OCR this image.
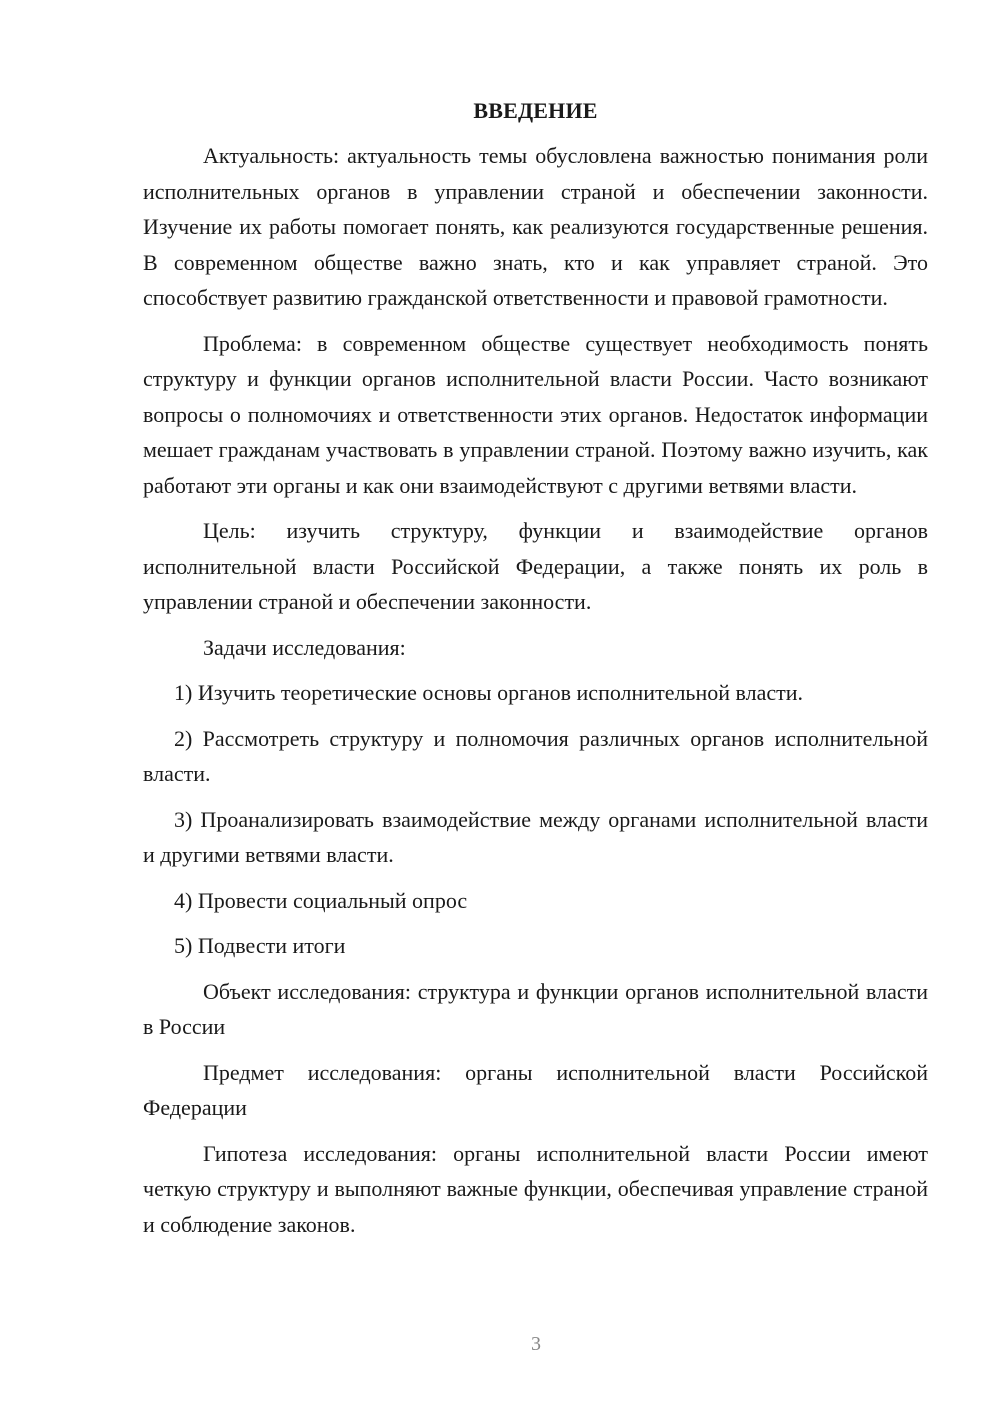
ВВЕДЕНИЕ

Актуальность: актуальность темы обусловлена важностью понимания роли исполнительных органов в управлении страной и обеспечении законности. Изучение их работы помогает понять, как реализуются государственные решения. В современном обществе важно знать, кто и как управляет страной. Это способствует развитию гражданской ответственности и правовой грамотности.

Проблема: в современном обществе существует необходимость понять структуру и функции органов исполнительной власти России. Часто возникают вопросы о полномочиях и ответственности этих органов. Недостаток информации мешает гражданам участвовать в управлении страной. Поэтому важно изучить, как работают эти органы и как они взаимодействуют с другими ветвями власти.

Цель: изучить структуру, функции и взаимодействие органов исполнительной власти Российской Федерации, а также понять их роль в управлении страной и обеспечении законности.

Задачи исследования:

1) Изучить теоретические основы органов исполнительной власти.

2) Рассмотреть структуру и полномочия различных органов исполнительной власти.

3) Проанализировать взаимодействие между органами исполнительной власти и другими ветвями власти.

4) Провести социальный опрос

5) Подвести итоги

Объект исследования: структура и функции органов исполнительной власти в России

Предмет исследования: органы исполнительной власти Российской Федерации

Гипотеза исследования: органы исполнительной власти России имеют четкую структуру и выполняют важные функции, обеспечивая управление страной и соблюдение законов.

3
